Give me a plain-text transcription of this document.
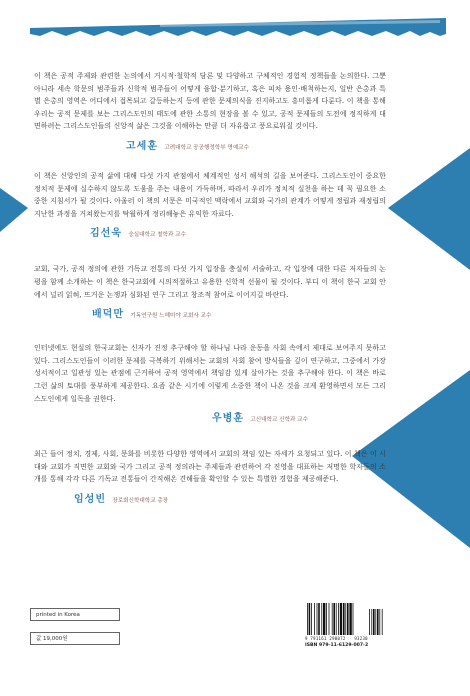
이 책은 공적 주제와 관련한 논의에서 거시적·철학적 담론 및 다양하고 구체적인 경험적 정책들을 논의한다. 그뿐 아니라 세속 학문의 범주들과 신학적 범주들이 어떻게 융합·분기하고, 혹은 피차 용인·배척하는지, 일반 은총과 특별 은총의 영역은 어디에서 접목되고 갈등하는지 등에 관한 문제의식을 진지하고도 흥미롭게 다룬다. 이 책을 통해 우리는 공적 문제를 보는 그리스도인의 태도에 관한 소통의 현장을 볼 수 있고, 공적 문제들의 도전에 정직하게 대면하려는 그리스도인들의 신앙적 삶은 그것을 이해하는 만큼 더 자유롭고 풍요로워질 것이다.

고세훈 고려대학교 공공행정학부 명예교수

이 책은 신앙인의 공적 삶에 대해 다섯 가지 관점에서 체계적인 성서 해석의 길을 보여준다. 그리스도인이 중요한 정치적 문제에 실수하지 않도록 도움을 주는 내용이 가득하며, 따라서 우리가 정치적 실천을 하는 데 꼭 필요한 소중한 지침서가 될 것이다. 아울러 이 책의 서문은 미국적인 맥락에서 교회와 국가의 관계가 어떻게 정립과 재정립의 지난한 과정을 거쳐왔는지를 탁월하게 정리해놓은 유익한 자료다.

김선욱 숭실대학교 철학과 교수

교회, 국가, 공적 정의에 관한 기독교 전통의 다섯 가지 입장을 충실히 서술하고, 각 입장에 대한 다른 저자들의 논평을 함께 소개하는 이 책은 한국교회에 시의적절하고 유용한 신학적 선물이 될 것이다. 부디 이 책이 한국 교회 안에서 널리 읽혀, 뜨거운 논쟁과 심화된 연구 그리고 창조적 참여로 이어지길 바란다.

배덕만 기독연구원 느헤미야 교회사 교수

인터넷에도 현실의 한국교회는 신자가 진정 추구해야 할 하나님 나라 운동을 사회 속에서 제대로 보여주지 못하고 있다. 그리스도인들이 이러한 문제를 극복하기 위해서는 교회의 사회 참여 방식들을 깊이 연구하고, 그중에서 가장 성서적이고 일관성 있는 관점에 근거하여 공적 영역에서 책임감 있게 살아가는 것을 추구해야 한다. 이 책은 바로 그런 삶의 토대를 풍부하게 제공한다. 요즘 같은 시기에 이렇게 소중한 책이 나온 것을 크게 환영하면서 모든 그리스도인에게 일독을 권한다.

우병훈 고신대학교 신학과 교수

최근 들어 정치, 경제, 사회, 문화를 비롯한 다양한 영역에서 교회의 책임 있는 자세가 요청되고 있다. 이 책은 이 시대와 교회가 직면한 교회와 국가 그리고 공적 정의라는 주제들과 관련하여 각 진영을 대표하는 저명한 학자들의 소개를 통해 각각 다른 기독교 전통들이 간직해온 견해들을 확인할 수 있는 특별한 경험을 제공해준다.

임성빈 장로회신학대학교 총장
printed in Korea
값 19,000원	9 791161 290072 93230
ISBN 979-11-6129-007-2
